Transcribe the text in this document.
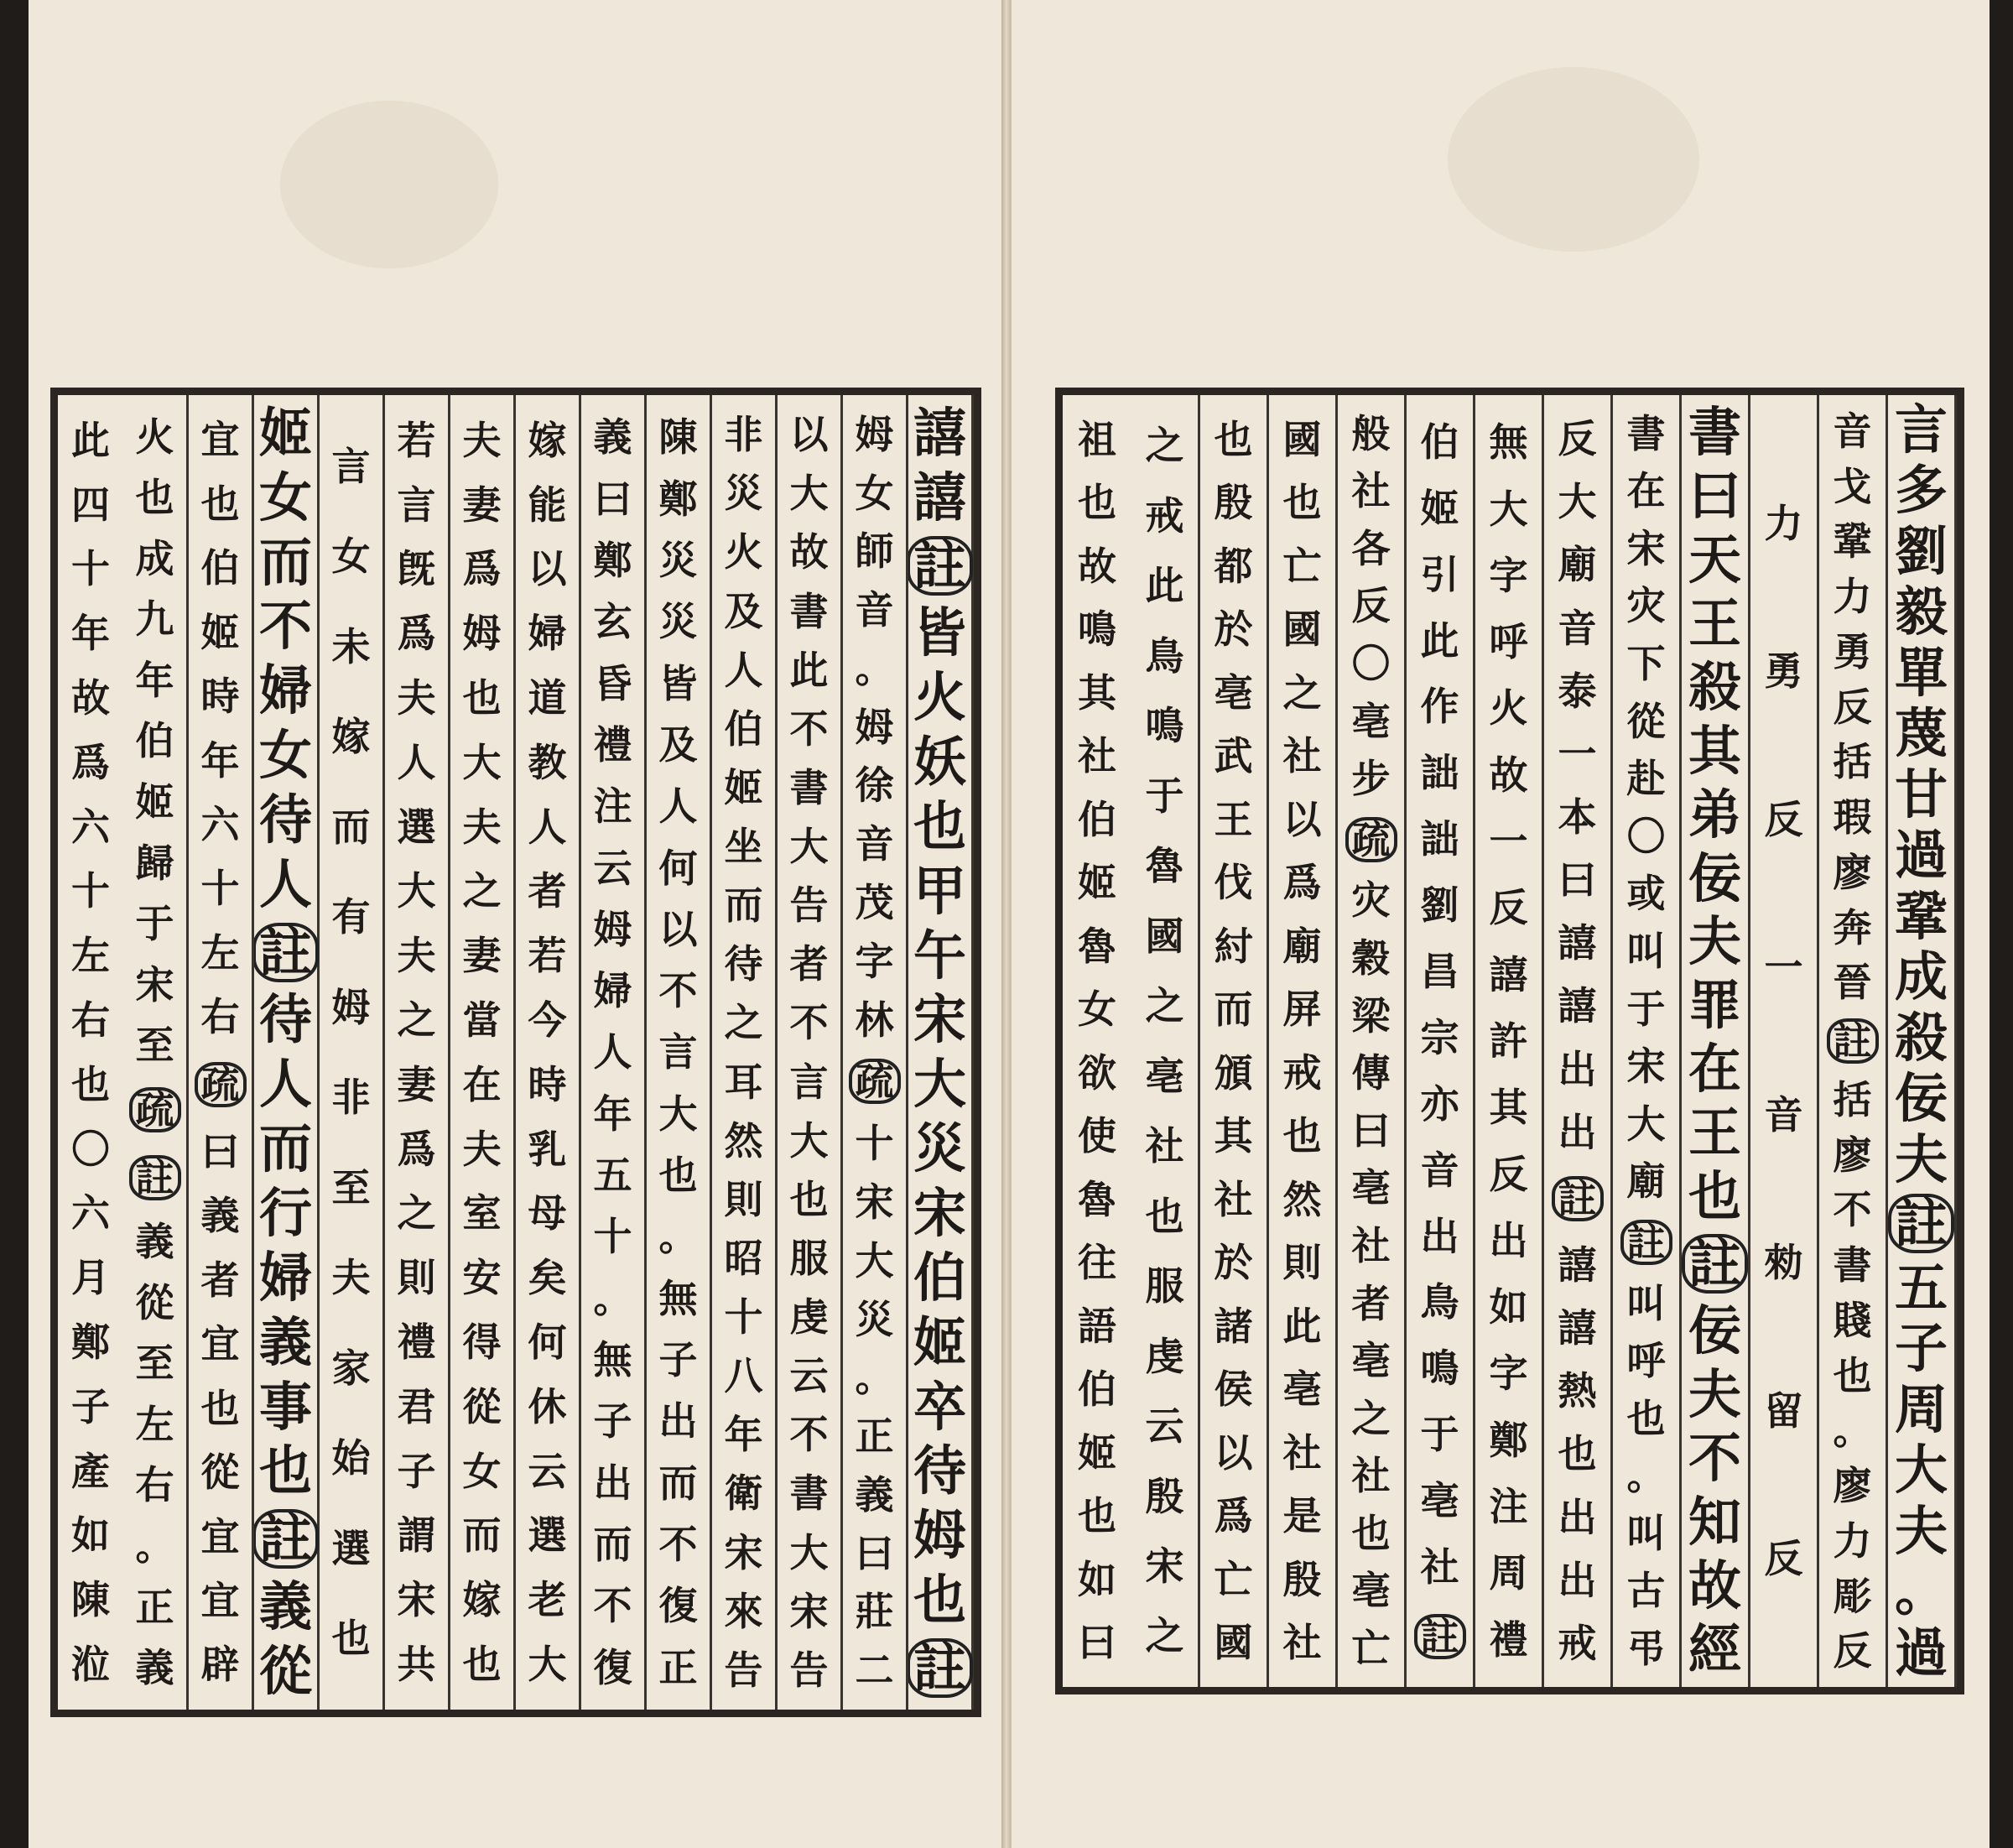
譆
譆
註
皆
火
妖
也
甲
午
宋
大
災
宋
伯
姬
卒
待
姆
也
註
姆
女
師
音
。
姆
徐
音
茂
字
林
疏
十
宋
大
災
。
正
義
曰
莊
二
以
大
故
書
此
不
書
大
告
者
不
言
大
也
服
虔
云
不
書
大
宋
告
非
災
火
及
人
伯
姬
坐
而
待
之
耳
然
則
昭
十
八
年
衛
宋
來
告
陳
鄭
災
災
皆
及
人
何
以
不
言
大
也
。
無
子
出
而
不
復
正
義
曰
鄭
玄
昏
禮
注
云
姆
婦
人
年
五
十
。
無
子
出
而
不
復
嫁
能
以
婦
道
教
人
者
若
今
時
乳
母
矣
何
休
云
選
老
大
夫
妻
爲
姆
也
大
夫
之
妻
當
在
夫
室
安
得
從
女
而
嫁
也
若
言
旣
爲
夫
人
選
大
夫
之
妻
爲
之
則
禮
君
子
謂
宋
共
言
女
未
嫁
而
有
姆
非
至
夫
家
始
選
也
姬
女
而
不
婦
女
待
人
註
待
人
而
行
婦
義
事
也
註
義
從
宜
也
伯
姬
時
年
六
十
左
右
疏
曰
義
者
宜
也
從
宜
宜
辟
火
也
成
九
年
伯
姬
歸
于
宋
至
疏
註
義
從
至
左
右
。
正
義
此
四
十
年
故
爲
六
十
左
右
也
〇
六
月
鄭
子
產
如
陳
涖
言
多
劉
毅
單
蔑
甘
過
鞏
成
殺
佞
夫
註
五
子
周
大
夫
。
過
音
戈
鞏
力
勇
反
括
瑕
廖
奔
晉
註
括
廖
不
書
賤
也
。
廖
力
彫
反
力
勇
反
一
音
勑
留
反
書
曰
天
王
殺
其
弟
佞
夫
罪
在
王
也
註
佞
夫
不
知
故
經
書
在
宋
灾
下
從
赴
〇
或
叫
于
宋
大
廟
註
叫
呼
也
。
叫
古
弔
反
大
廟
音
泰
一
本
曰
譆
譆
出
出
註
譆
譆
熱
也
出
出
戒
無
大
字
呼
火
故
一
反
譆
許
其
反
出
如
字
鄭
注
周
禮
伯
姬
引
此
作
詘
詘
劉
昌
宗
亦
音
出
鳥
鳴
于
亳
社
註
般
社
各
反
〇
亳
步
疏
灾
穀
梁
傳
曰
亳
社
者
亳
之
社
也
亳
亡
國
也
亡
國
之
社
以
爲
廟
屏
戒
也
然
則
此
亳
社
是
殷
社
也
殷
都
於
亳
武
王
伐
紂
而
頒
其
社
於
諸
侯
以
爲
亡
國
之
戒
此
鳥
鳴
于
魯
國
之
亳
社
也
服
虔
云
殷
宋
之
祖
也
故
鳴
其
社
伯
姬
魯
女
欲
使
魯
往
語
伯
姬
也
如
曰
